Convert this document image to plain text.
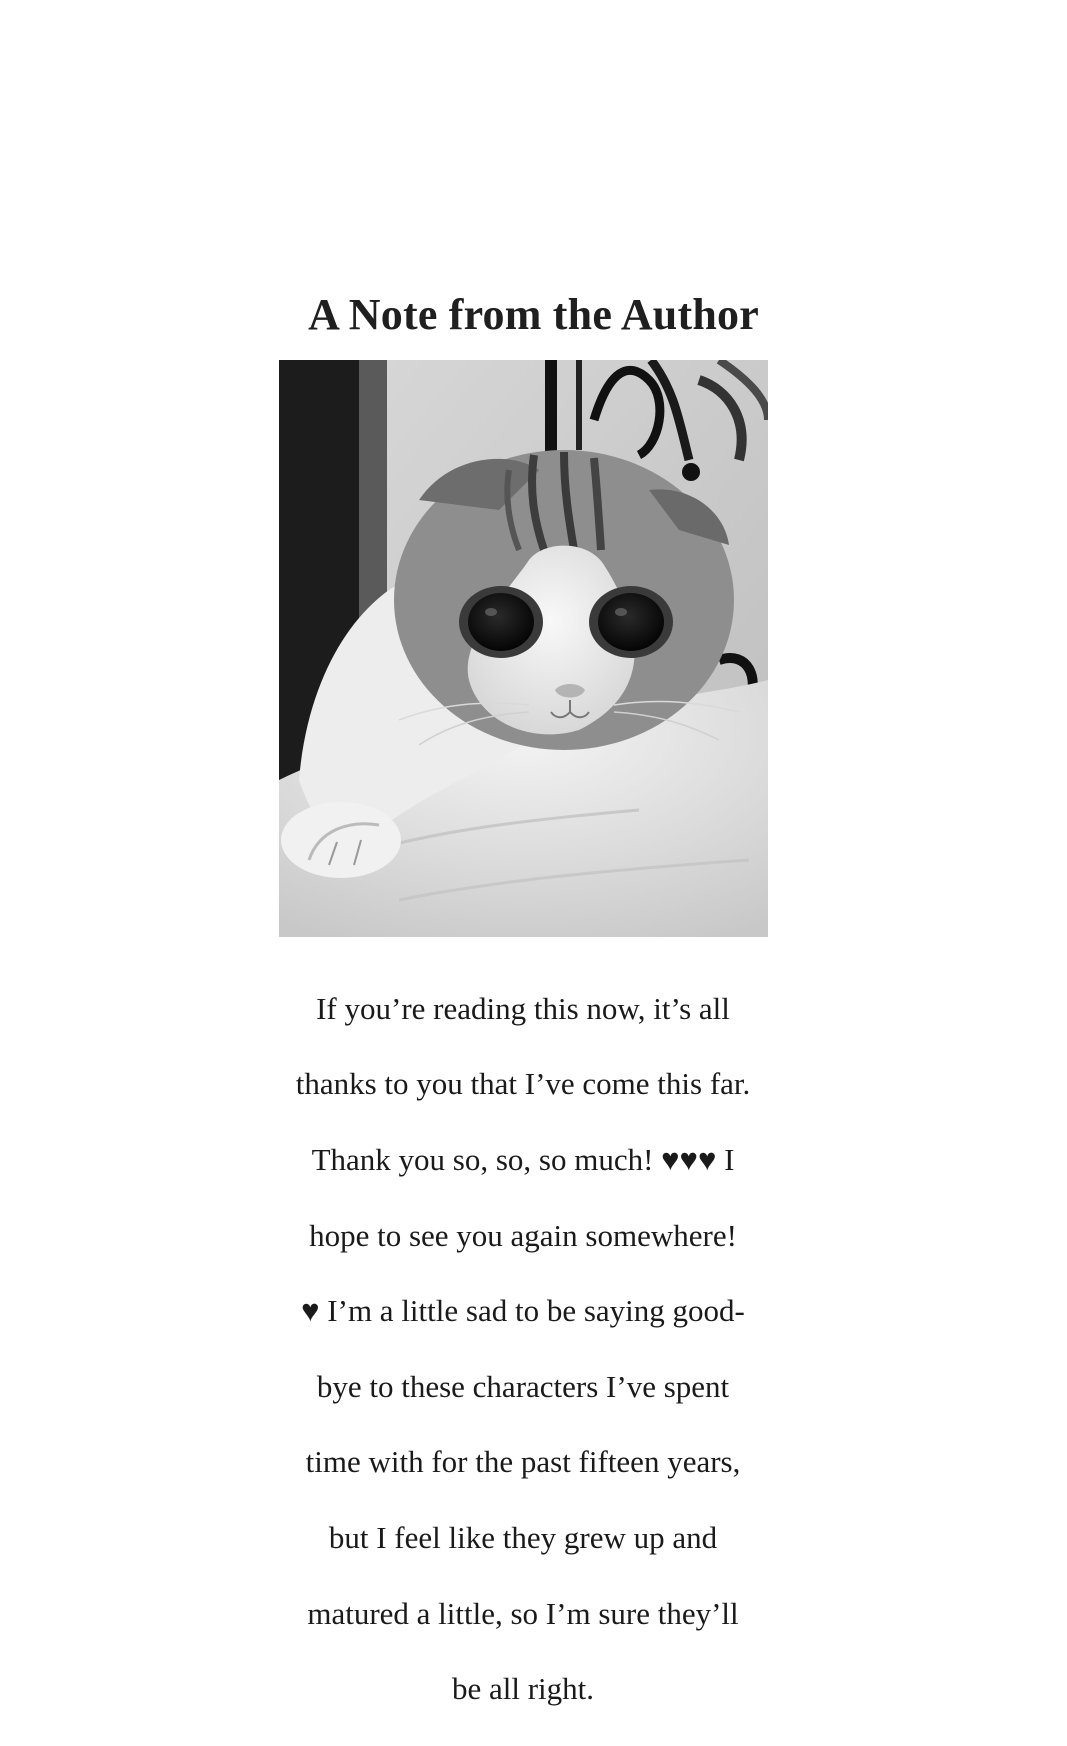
A Note from the Author

If you’re reading this now, it’s all

thanks to you that I’ve come this far.

Thank you so, so, so much! ♥♥♥ I

hope to see you again somewhere!

♥ I’m a little sad to be saying good-

bye to these characters I’ve spent

time with for the past fifteen years,

but I feel like they grew up and

matured a little, so I’m sure they’ll

be all right.
